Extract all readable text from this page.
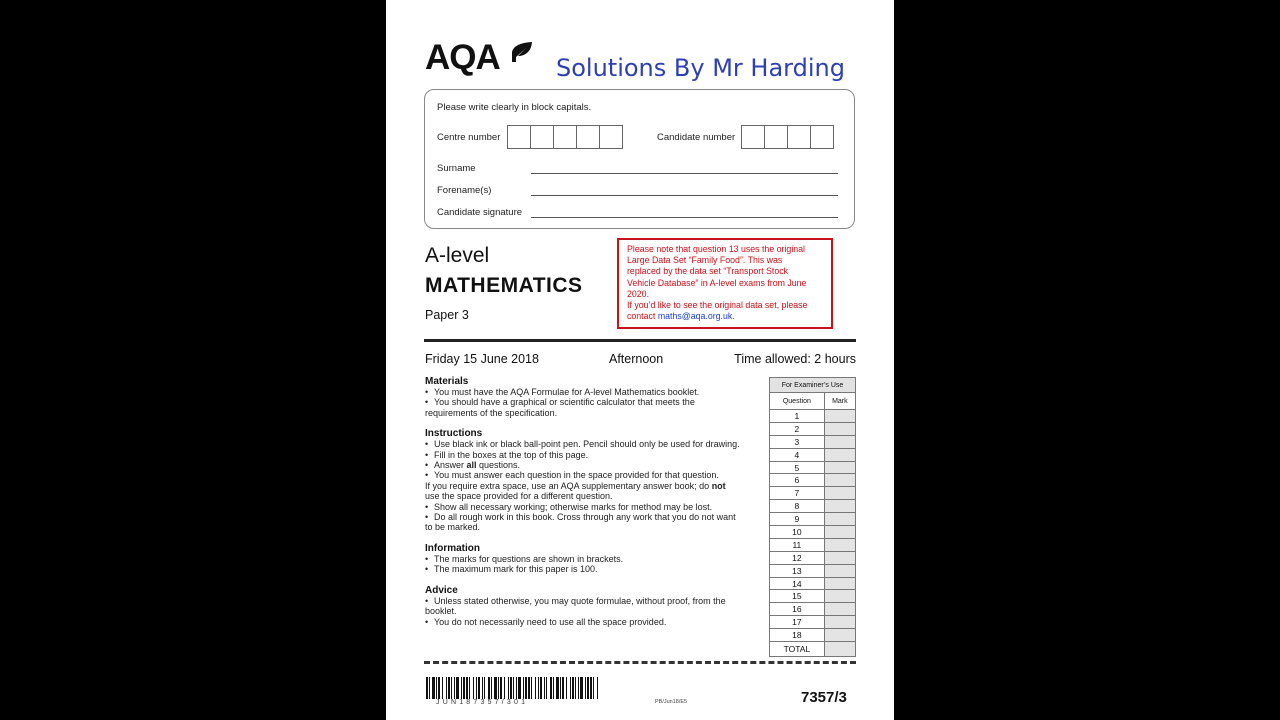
AQA Solutions By Mr Harding
Please write clearly in block capitals.
Centre number	Candidate number
Surname
Forename(s)
Candidate signature
A-level
MATHEMATICS
Paper 3
Please note that question 13 uses the original
Large Data Set “Family Food”. This was
replaced by the data set “Transport Stock
Vehicle Database” in A-level exams from June
2020.
If you’d like to see the original data set, please
contact maths@aqa.org.uk.
Friday 15 June 2018	Afternoon	Time allowed: 2 hours
Materials
• You must have the AQA Formulae for A-level Mathematics booklet.
• You should have a graphical or scientific calculator that meets the
requirements of the specification.
Instructions
• Use black ink or black ball-point pen. Pencil should only be used for drawing.
• Fill in the boxes at the top of this page.
• Answer all questions.
• You must answer each question in the space provided for that question.
If you require extra space, use an AQA supplementary answer book; do not
use the space provided for a different question.
• Show all necessary working; otherwise marks for method may be lost.
• Do all rough work in this book. Cross through any work that you do not want
to be marked.
Information
• The marks for questions are shown in brackets.
• The maximum mark for this paper is 100.
Advice
• Unless stated otherwise, you may quote formulae, without proof, from the
booklet.
• You do not necessarily need to use all the space provided.
For Examiner’s Use	
Question	Mark
1	
2	
3	
4	
5	
6	
7	
8	
9	
10	
11	
12	
13	
14	
15	
16	
17	
18	
TOTAL	
JUN187357/301	PB/Jun18/E5	7357/3
